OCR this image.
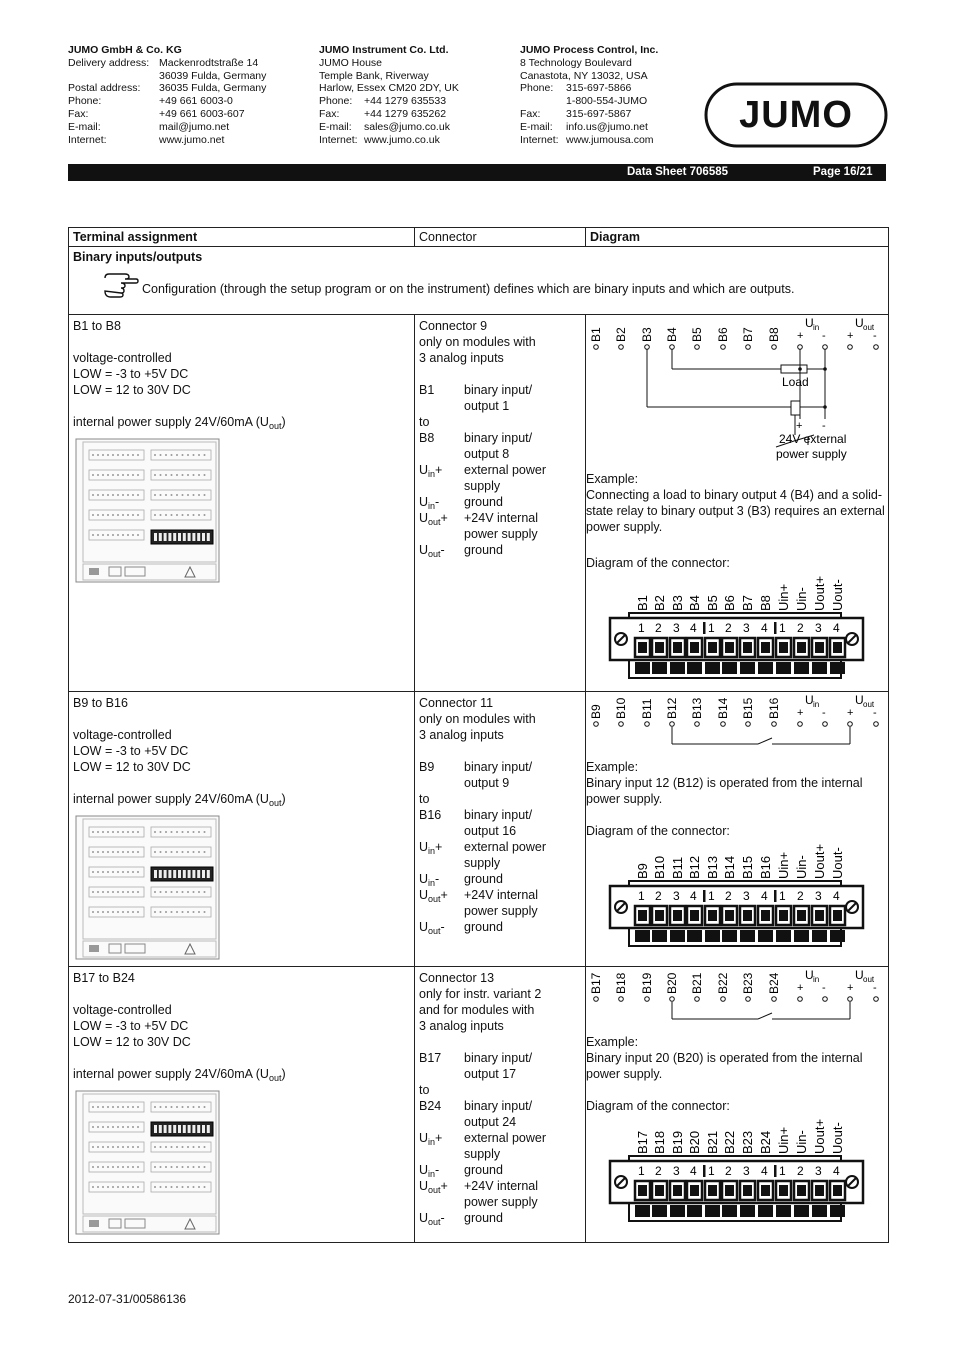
JUMO GmbH & Co. KG
Delivery address: Mackenrodtstraße 14
36039 Fulda, Germany
Postal address:	36035 Fulda, Germany
Phone:	+49 661 6003-0
Fax:	+49 661 6003-607
E-mail:	mail@jumo.net
Internet:	www.jumo.net
JUMO Instrument Co. Ltd.
JUMO House
Temple Bank, Riverway
Harlow, Essex CM20 2DY, UK
Phone:	+44 1279 635533
Fax:	+44 1279 635262
E-mail:	sales@jumo.co.uk
Internet: www.jumo.co.uk
JUMO Process Control, Inc.
8 Technology Boulevard
Canastota, NY 13032, USA
Phone:	315-697-5866
1-800-554-JUMO
Fax:	315-697-5867
E-mail:	info.us@jumo.net
Internet: www.jumousa.com
JUMO
Data Sheet 706585	Page 16/21
Terminal assignment	Connector	Diagram
Binary inputs/outputs
Configuration (through the setup program or on the instrument) defines which are binary inputs and which are outputs.
B1 to B8
voltage-controlled
LOW = -3 to +5V DC
LOW = 12 to 30V DC
internal power supply 24V/60mA $(U_{out})$
Connector 9
only on modules with
3 analog inputs
B1 binary input/
output 1
to
B8 binary input/
output 8
$U_{in}+$ external power
supply
$U_{in}-$ ground
$U_{out}+ +24V$ internal
power supply
$U_{out}-$ ground
B1 B2 B3 B4 B5 B6 B7 B8
U in	U out
+ - + -
Load
+ -
24V external
power supply
Example:
Connecting a load to binary output 4 (B4) and a solid-
state relay to binary output 3 (B3) requires an external
power supply.
Diagram of the connector:
B1 B2 B3 B4 B5 B6 B7 B8 Uin+ Uin- Uout+ Uout-
1 2 3 4 1 2 3 4 1 2 3 4
B9 to B16
voltage-controlled
LOW = -3 to +5V DC
LOW = 12 to 30V DC
internal power supply 24V/60mA $(U_{out})$
Connector 11
only on modules with
3 analog inputs
B9 binary input/
output 9
to
B16 binary input/
output 16
$U_{in}+$ external power
supply
$U_{in}-$ ground
$U_{out}+ +24V$ internal
power supply
$U_{out}-$ ground
B9 B10 B11 B12 B13 B14 B15 B16 U in	U out
+ - + -
Example:
Binary input 12 (B12) is operated from the internal
power supply.
Diagram of the connector:
B9 B10 B11 B12 B13 B14 B15 B16 Uin+ Uin- Uout+ Uout-
1 2 3 4 1 2 3 4 1 2 3 4
B17 to B24
voltage-controlled
LOW = -3 to +5V DC
LOW = 12 to 30V DC
internal power supply 24V/60mA $(U_{out})$
Connector 13
only for instr. variant 2
and for modules with
3 analog inputs
B17 binary input/
output 17
to
B24 binary input/
output 24
$U_{in}+$ external power
supply
$U_{in}-$ ground
$U_{out}+ +24V$ internal
power supply
$U_{out}-$ ground
B17 B18 B19 B20 B21 B22 B23 B24 U in	U out
+ - + -
Example:
Binary input 20 (B20) is operated from the internal
power supply.
Diagram of the connector:
B17 B18 B19 B20 B21 B22 B23 B24 Uin+ Uin- Uout+ Uout-
1 2 3 4 1 2 3 4 1 2 3 4
2012-07-31/00586136
